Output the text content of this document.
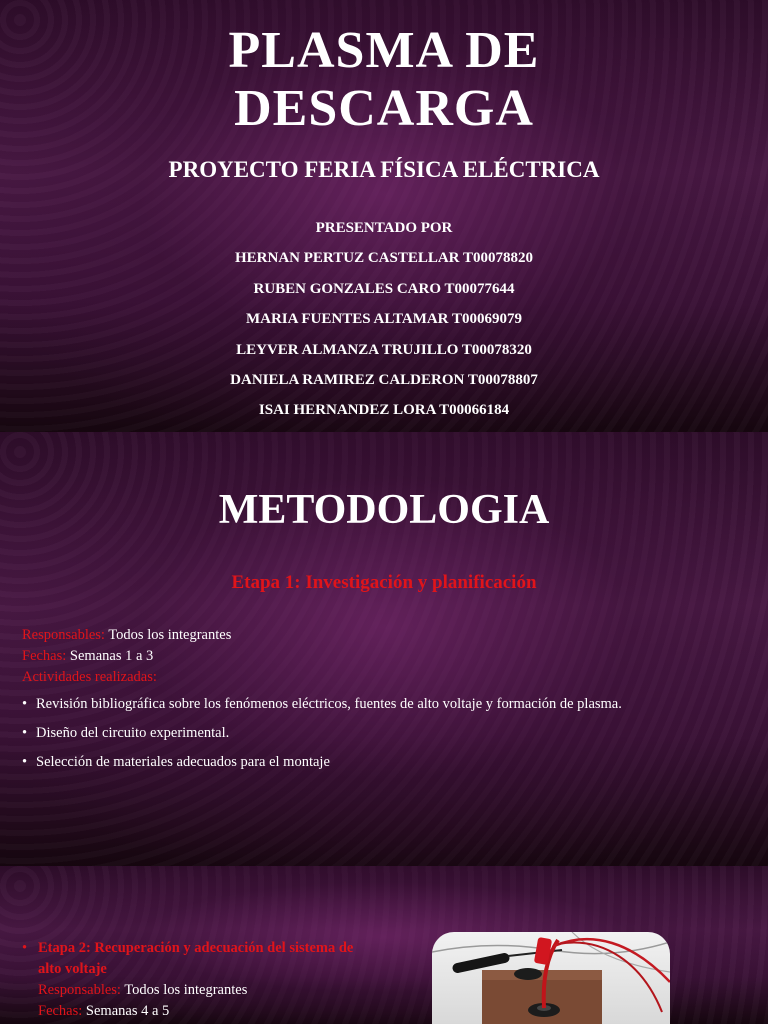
PLASMA DE
DESCARGA
PROYECTO FERIA FÍSICA ELÉCTRICA
PRESENTADO POR
HERNAN PERTUZ CASTELLAR T00078820
RUBEN GONZALES CARO T00077644
MARIA FUENTES ALTAMAR T00069079
LEYVER ALMANZA TRUJILLO T00078320
DANIELA RAMIREZ CALDERON T00078807
ISAI HERNANDEZ LORA T00066184
METODOLOGIA
Etapa 1: Investigación y planificación
Responsables: Todos los integrantes
Fechas: Semanas 1 a 3
Actividades realizadas:
• Revisión bibliográfica sobre los fenómenos eléctricos, fuentes de alto voltaje y formación de plasma.
• Diseño del circuito experimental.
• Selección de materiales adecuados para el montaje
• Etapa 2: Recuperación y adecuación del sistema de alto voltaje
Responsables: Todos los integrantes
Fechas: Semanas 4 a 5
